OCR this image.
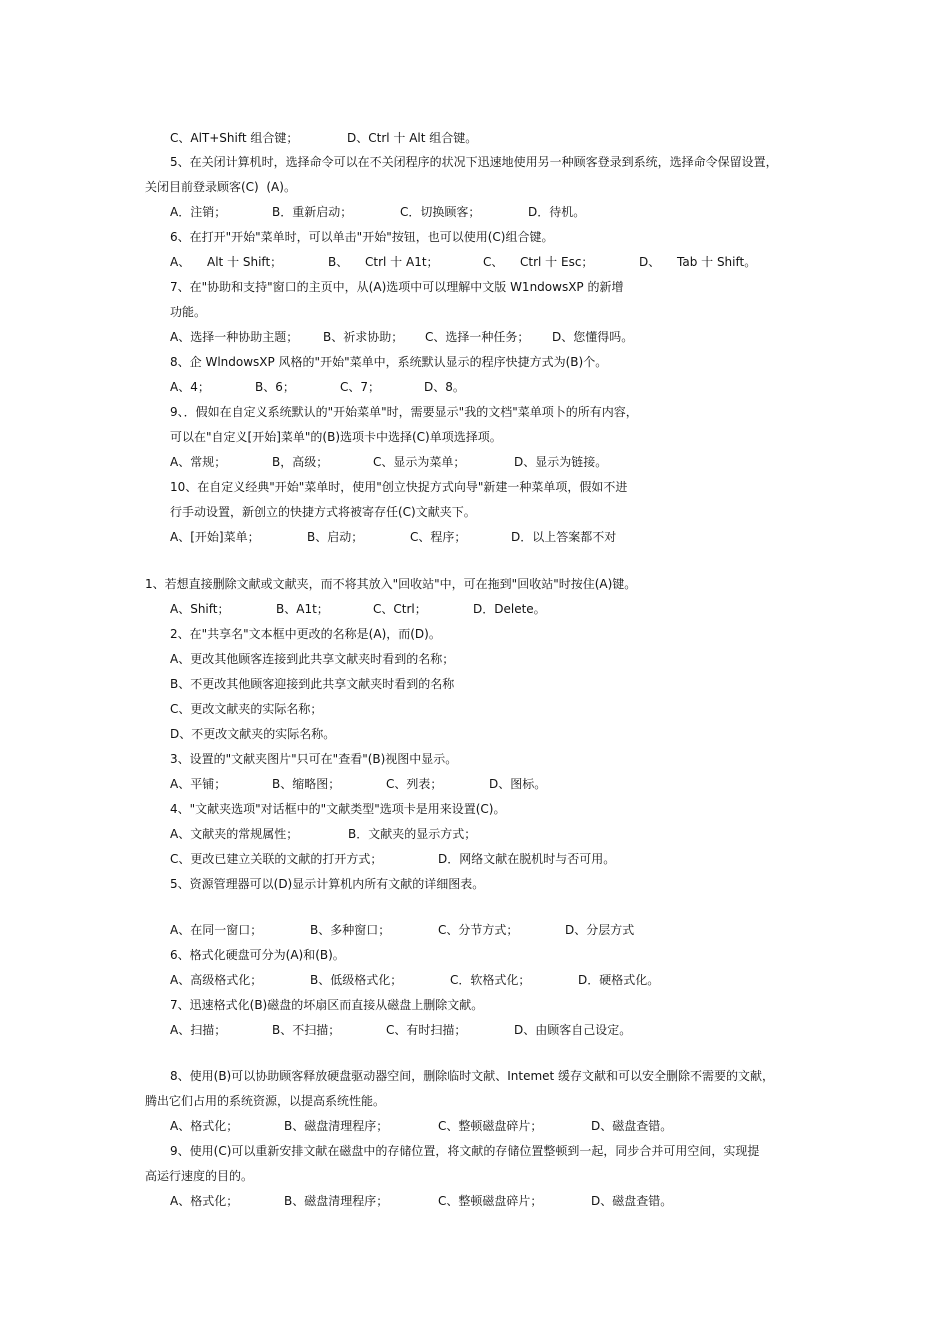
C、AlT+Shift 组合键；	D、Ctrl 十 Alt 组合键。
5、在关闭计算机时，选择命令可以在不关闭程序的状况下迅速地使用另一种顾客登录到系统，选择命令保留设置，
关闭目前登录顾客(C)  (A)。
A．注销；	B．重新启动；	C．切换顾客；	D．待机。
6、在打开"开始"菜单时，可以单击"开始"按钮，也可以使用(C)组合键。
A、 Alt 十 Shift；	B、 Ctrl 十 A1t；	C、 Ctrl 十 Esc；	D、 Tab 十 Shift。
7、在"协助和支持"窗口的主页中，从(A)选项中可以理解中文版 W1ndowsXP 的新增
功能。
A、选择一种协助主题； B、祈求协助； C、选择一种任务； D、您懂得吗。
8、企 WlndowsXP 风格的"开始"菜单中，系统默认显示的程序快捷方式为(B)个。
A、4；	B、6；	C、7；	D、8。
9、．假如在自定义系统默认的"开始菜单"时，需要显示"我的文档"菜单项卜的所有内容，
可以在"自定义[开始]菜单"的(B)选项卡中选择(C)单项选择项。
A、常规；	B，高级；	C、显示为菜单；	D、显示为链接。
10、在自定义经典"开始"菜单时，使用"创立快捉方式向导"新建一种菜单项，假如不进
行手动设置，新创立的快捷方式将被寄存任(C)文献夹下。
A、[开始]菜单；	B、启动；	C、程序；	D．以上答案都不对
1、若想直接删除文献或文献夹，而不将其放入"回收站"中，可在拖到"回收站"时按住(A)键。
A、Shift；	B、A1t；	C、Ctrl；	D．Delete。
2、在"共享名"文本框中更改的名称是(A)，而(D)。
A、更改其他顾客连接到此共享文献夹时看到的名称；
B、不更改其他顾客迎接到此共享文献夹时看到的名称
C、更改文献夹的实际名称；
D、不更改文献夹的实际名称。
3、设置的"文献夹图片"只可在"查看"(B)视图中显示。
A、平铺；	B、缩略图；	C、列表；	D、图标。
4、"文献夹选项"对话框中的"文献类型"选项卡是用来设置(C)。
A、文献夹的常规属性；	B．文献夹的显示方式；
C、更改已建立关联的文献的打开方式；	D．网络文献在脱机时与否可用。
5、资源管理器可以(D)显示计算机内所有文献的详细图表。
A、在同一窗口；	B、多种窗口；	C、分节方式；	D、分层方式
6、格式化硬盘可分为(A)和(B)。
A、高级格式化；	B、低级格式化；	C．软格式化；	D．硬格式化。
7、迅速格式化(B)磁盘的坏扇区而直接从磁盘上删除文献。
A、扫描；	B、不扫描；	C、有时扫描；	D、由顾客自己设定。
8、使用(B)可以协助顾客释放硬盘驱动器空间，删除临时文献、Intemet 缓存文献和可以安全删除不需要的文献，
腾出它们占用的系统资源，以提高系统性能。
A、格式化；	B、磁盘清理程序；	C、整顿磁盘碎片；	D、磁盘查错。
9、使用(C)可以重新安排文献在磁盘中的存储位置，将文献的存储位置整顿到一起，同步合并可用空间，实现提
高运行速度的目的。
A、格式化；	B、磁盘清理程序；	C、整顿磁盘碎片；	D、磁盘查错。
